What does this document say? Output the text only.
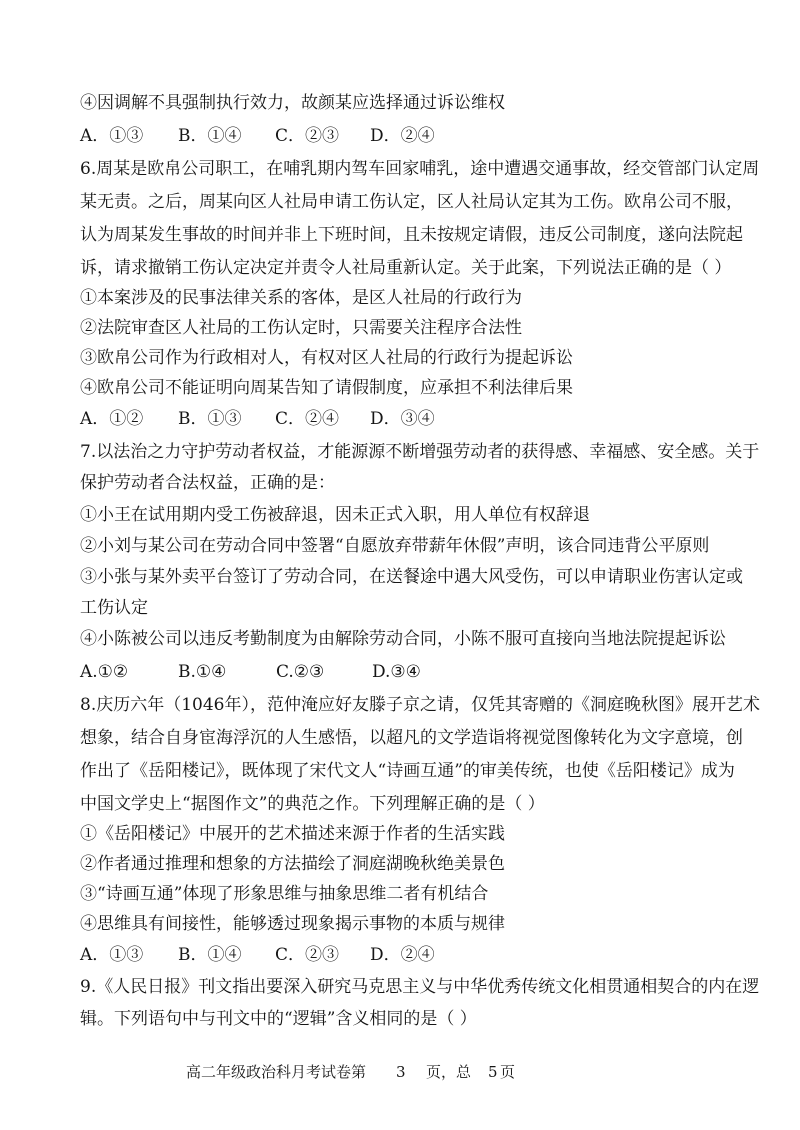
④因调解不具强制执行效力，故颜某应选择通过诉讼维权
A．①③ B．①④ C．②③ D．②④
6.周某是欧帛公司职工，在哺乳期内驾车回家哺乳，途中遭遇交通事故，经交管部门认定周
某无责。之后，周某向区人社局申请工伤认定，区人社局认定其为工伤。欧帛公司不服，
认为周某发生事故的时间并非上下班时间，且未按规定请假，违反公司制度，遂向法院起
诉，请求撤销工伤认定决定并责令人社局重新认定。关于此案，下列说法正确的是（ ）
①本案涉及的民事法律关系的客体，是区人社局的行政行为
②法院审查区人社局的工伤认定时，只需要关注程序合法性
③欧帛公司作为行政相对人，有权对区人社局的行政行为提起诉讼
④欧帛公司不能证明向周某告知了请假制度，应承担不利法律后果
A．①② B．①③ C．②④ D．③④
7.以法治之力守护劳动者权益，才能源源不断增强劳动者的获得感、幸福感、安全感。关于
保护劳动者合法权益，正确的是：
①小王在试用期内受工伤被辞退，因未正式入职，用人单位有权辞退
②小刘与某公司在劳动合同中签署“自愿放弃带薪年休假”声明，该合同违背公平原则
③小张与某外卖平台签订了劳动合同，在送餐途中遇大风受伤，可以申请职业伤害认定或
工伤认定
④小陈被公司以违反考勤制度为由解除劳动合同，小陈不服可直接向当地法院提起诉讼
A.①②	B.①④	C.②③	D.③④
8.庆历六年（1046年），范仲淹应好友滕子京之请，仅凭其寄赠的《洞庭晚秋图》展开艺术
想象，结合自身宦海浮沉的人生感悟，以超凡的文学造诣将视觉图像转化为文字意境，创
作出了《岳阳楼记》，既体现了宋代文人“诗画互通”的审美传统，也使《岳阳楼记》成为
中国文学史上“据图作文”的典范之作。下列理解正确的是（ ）
①《岳阳楼记》中展开的艺术描述来源于作者的生活实践
②作者通过推理和想象的方法描绘了洞庭湖晚秋绝美景色
③“诗画互通”体现了形象思维与抽象思维二者有机结合
④思维具有间接性，能够透过现象揭示事物的本质与规律
A．①③ B．①④ C．②③ D．②④
9.《人民日报》刊文指出要深入研究马克思主义与中华优秀传统文化相贯通相契合的内在逻
辑。下列语句中与刊文中的“逻辑”含义相同的是（ ）
高二年级政治科月考试卷第 3 页，总 5 页
